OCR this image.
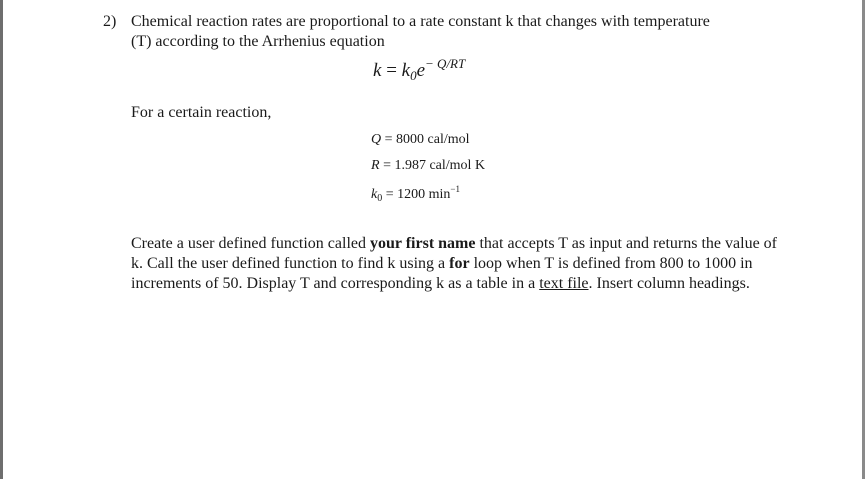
2) Chemical reaction rates are proportional to a rate constant k that changes with temperature
(T) according to the Arrhenius equation
$k = k_0e^{- Q/RT}$
For a certain reaction,
Q = 8000 cal/mol
R = 1.987 cal/mol K
$k_0 = 1200$ $\min^{-1}$
Create a user defined function called your first name that accepts T as input and returns the value of k. Call the user defined function to find k using a for loop when T is defined from 800 to 1000 in increments of 50. Display T and corresponding k as a table in a text file. Insert column headings.
